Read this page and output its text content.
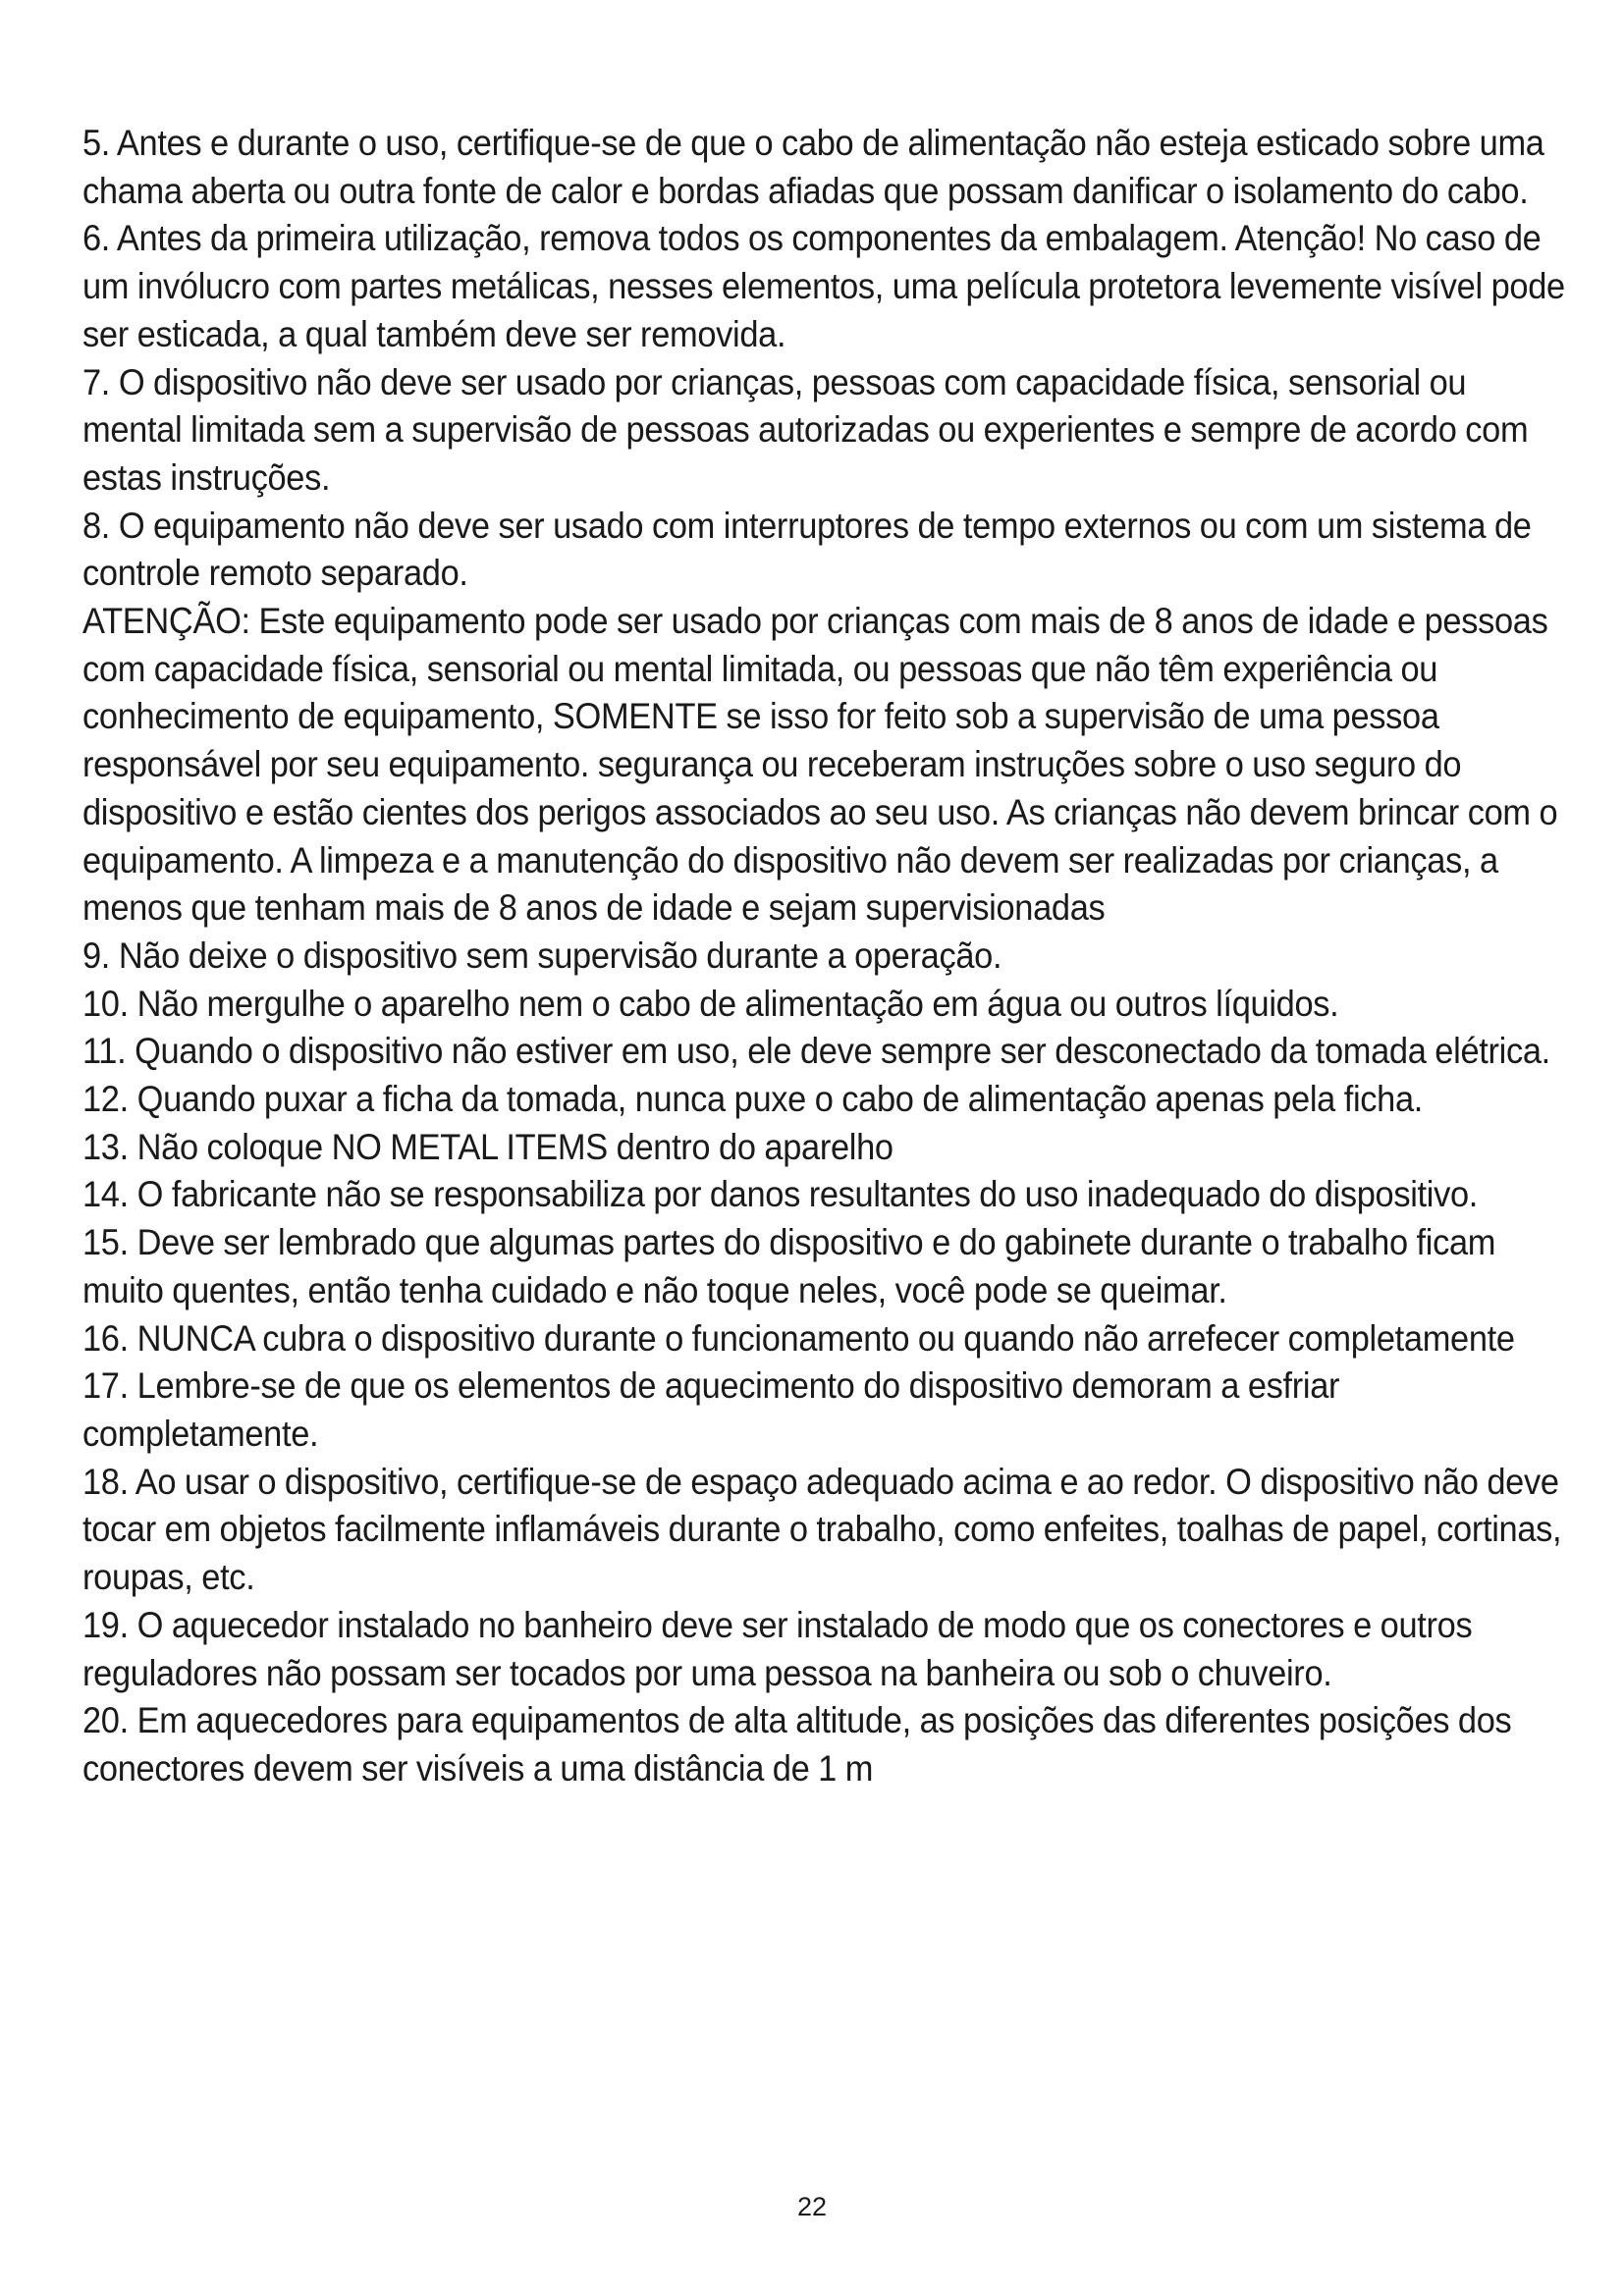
5. Antes e durante o uso, certifique-se de que o cabo de alimentação não esteja esticado sobre uma chama aberta ou outra fonte de calor e bordas afiadas que possam danificar o isolamento do cabo.

6. Antes da primeira utilização, remova todos os componentes da embalagem. Atenção! No caso de um invólucro com partes metálicas, nesses elementos, uma película protetora levemente visível pode ser esticada, a qual também deve ser removida.

7. O dispositivo não deve ser usado por crianças, pessoas com capacidade física, sensorial ou mental limitada sem a supervisão de pessoas autorizadas ou experientes e sempre de acordo com estas instruções.

8. O equipamento não deve ser usado com interruptores de tempo externos ou com um sistema de controle remoto separado.

ATENÇÃO: Este equipamento pode ser usado por crianças com mais de 8 anos de idade e pessoas com capacidade física, sensorial ou mental limitada, ou pessoas que não têm experiência ou conhecimento de equipamento, SOMENTE se isso for feito sob a supervisão de uma pessoa responsável por seu equipamento. segurança ou receberam instruções sobre o uso seguro do dispositivo e estão cientes dos perigos associados ao seu uso. As crianças não devem brincar com o equipamento. A limpeza e a manutenção do dispositivo não devem ser realizadas por crianças, a menos que tenham mais de 8 anos de idade e sejam supervisionadas

9. Não deixe o dispositivo sem supervisão durante a operação.

10. Não mergulhe o aparelho nem o cabo de alimentação em água ou outros líquidos.

11. Quando o dispositivo não estiver em uso, ele deve sempre ser desconectado da tomada elétrica.

12. Quando puxar a ficha da tomada, nunca puxe o cabo de alimentação apenas pela ficha.

13. Não coloque NO METAL ITEMS dentro do aparelho

14. O fabricante não se responsabiliza por danos resultantes do uso inadequado do dispositivo.

15. Deve ser lembrado que algumas partes do dispositivo e do gabinete durante o trabalho ficam muito quentes, então tenha cuidado e não toque neles, você pode se queimar.

16. NUNCA cubra o dispositivo durante o funcionamento ou quando não arrefecer completamente

17. Lembre-se de que os elementos de aquecimento do dispositivo demoram a esfriar completamente.

18. Ao usar o dispositivo, certifique-se de espaço adequado acima e ao redor. O dispositivo não deve tocar em objetos facilmente inflamáveis durante o trabalho, como enfeites, toalhas de papel, cortinas, roupas, etc.

19. O aquecedor instalado no banheiro deve ser instalado de modo que os conectores e outros reguladores não possam ser tocados por uma pessoa na banheira ou sob o chuveiro.

20. Em aquecedores para equipamentos de alta altitude, as posições das diferentes posições dos conectores devem ser visíveis a uma distância de 1 m

22
